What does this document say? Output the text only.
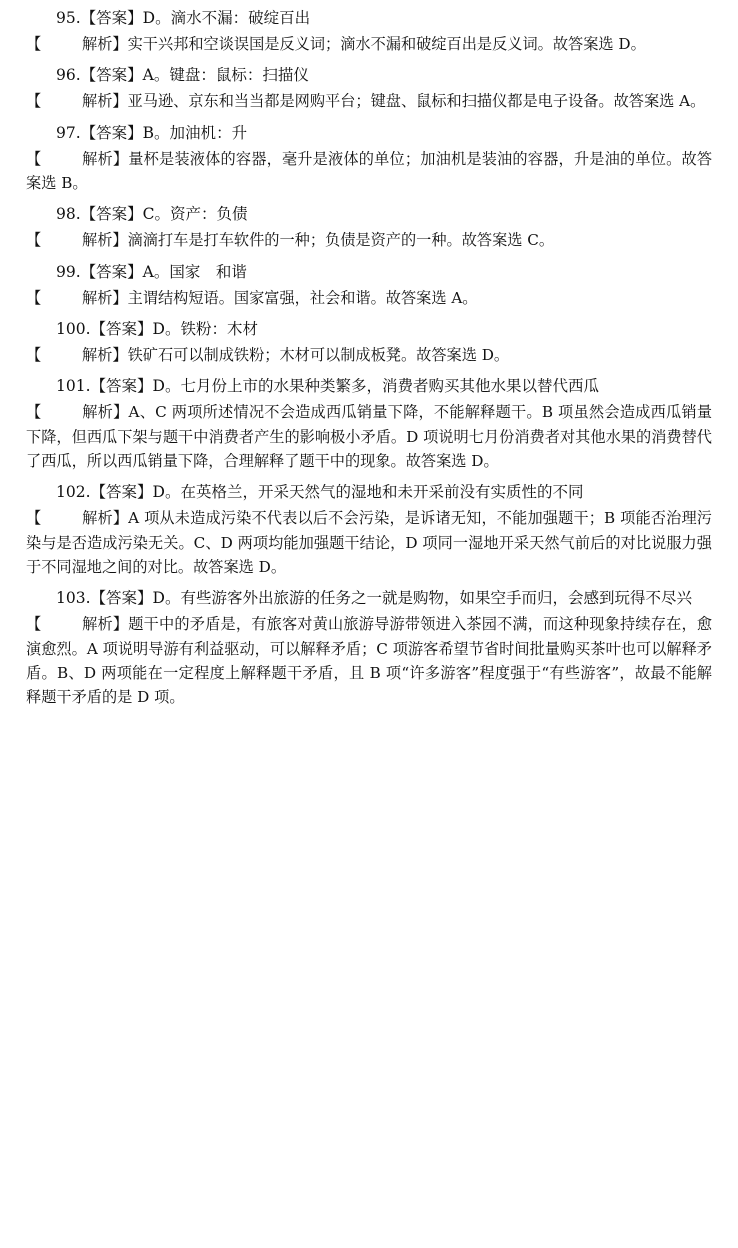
95.【答案】D。滴水不漏：破绽百出
【	解析】实干兴邦和空谈误国是反义词；滴水不漏和破绽百出是反义词。故答案选 D。
96.【答案】A。键盘：鼠标：扫描仪
【	解析】亚马逊、京东和当当都是网购平台；键盘、鼠标和扫描仪都是电子设备。故答案选 A。
97.【答案】B。加油机：升
【	解析】量杯是装液体的容器，毫升是液体的单位；加油机是装油的容器，升是油的单位。故答案选 B。
98.【答案】C。资产：负债
【	解析】滴滴打车是打车软件的一种；负债是资产的一种。故答案选 C。
99.【答案】A。国家　和谐
【	解析】主谓结构短语。国家富强，社会和谐。故答案选 A。
100.【答案】D。铁粉：木材
【	解析】铁矿石可以制成铁粉；木材可以制成板凳。故答案选 D。
101.【答案】D。七月份上市的水果种类繁多，消费者购买其他水果以替代西瓜
【	解析】A、C 两项所述情况不会造成西瓜销量下降，不能解释题干。B 项虽然会造成西瓜销量下降，但西瓜下架与题干中消费者产生的影响极小矛盾。D 项说明七月份消费者对其他水果的消费替代了西瓜，所以西瓜销量下降，合理解释了题干中的现象。故答案选 D。
102.【答案】D。在英格兰，开采天然气的湿地和未开采前没有实质性的不同
【	解析】A 项从未造成污染不代表以后不会污染，是诉诸无知，不能加强题干；B 项能否治理污染与是否造成污染无关。C、D 两项均能加强题干结论，D 项同一湿地开采天然气前后的对比说服力强于不同湿地之间的对比。故答案选 D。
103.【答案】D。有些游客外出旅游的任务之一就是购物，如果空手而归，会感到玩得不尽兴
【	解析】题干中的矛盾是，有旅客对黄山旅游导游带领进入茶园不满，而这种现象持续存在，愈演愈烈。A 项说明导游有利益驱动，可以解释矛盾；C 项游客希望节省时间批量购买茶叶也可以解释矛盾。B、D 两项能在一定程度上解释题干矛盾，且 B 项“许多游客”程度强于“有些游客”，故最不能解释题干矛盾的是 D 项。
